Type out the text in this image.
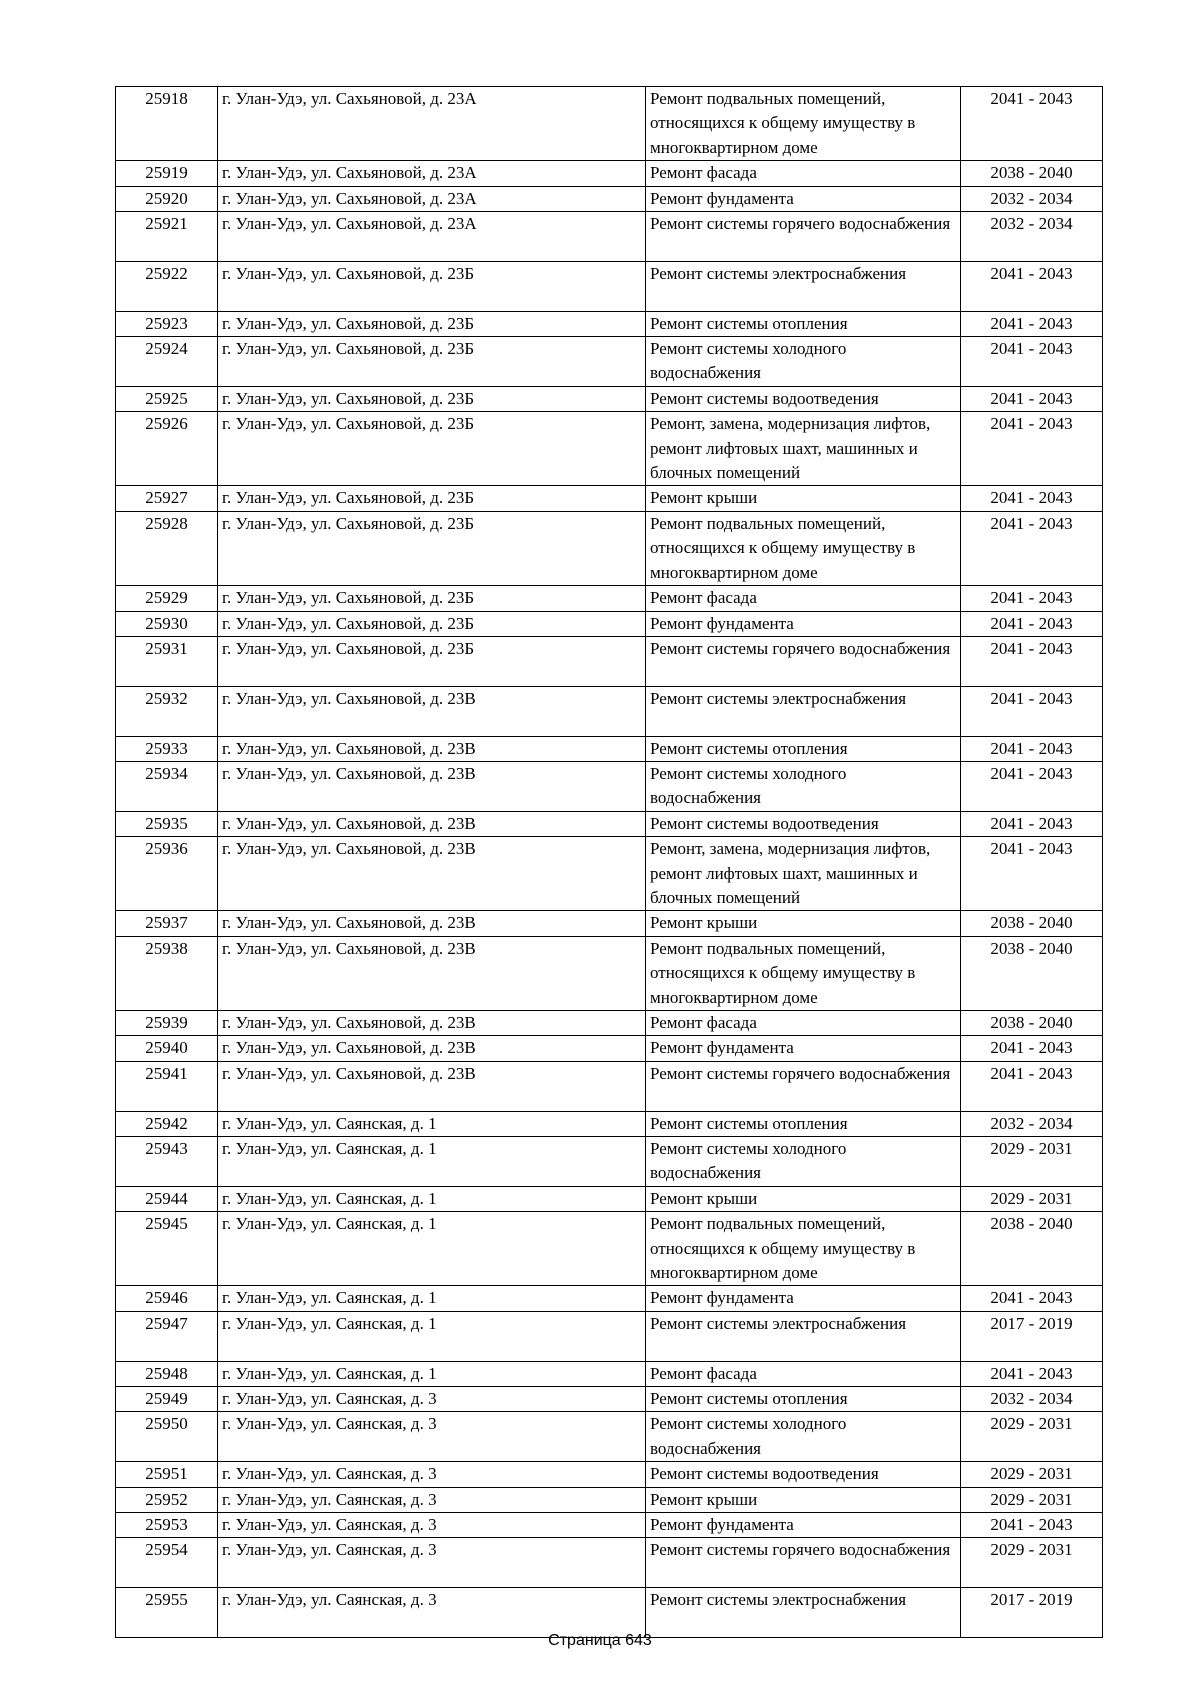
25918	г. Улан-Удэ, ул. Сахьяновой, д. 23А	Ремонт подвальных помещений, относящихся к общему имуществу в многоквартирном доме	2041 - 2043
25919	г. Улан-Удэ, ул. Сахьяновой, д. 23А	Ремонт фасада	2038 - 2040
25920	г. Улан-Удэ, ул. Сахьяновой, д. 23А	Ремонт фундамента	2032 - 2034
25921	г. Улан-Удэ, ул. Сахьяновой, д. 23А	Ремонт системы горячего водоснабжения	2032 - 2034
25922	г. Улан-Удэ, ул. Сахьяновой, д. 23Б	Ремонт системы электроснабжения	2041 - 2043
25923	г. Улан-Удэ, ул. Сахьяновой, д. 23Б	Ремонт системы отопления	2041 - 2043
25924	г. Улан-Удэ, ул. Сахьяновой, д. 23Б	Ремонт системы холодного водоснабжения	2041 - 2043
25925	г. Улан-Удэ, ул. Сахьяновой, д. 23Б	Ремонт системы водоотведения	2041 - 2043
25926	г. Улан-Удэ, ул. Сахьяновой, д. 23Б	Ремонт, замена, модернизация лифтов, ремонт лифтовых шахт, машинных и блочных помещений	2041 - 2043
25927	г. Улан-Удэ, ул. Сахьяновой, д. 23Б	Ремонт крыши	2041 - 2043
25928	г. Улан-Удэ, ул. Сахьяновой, д. 23Б	Ремонт подвальных помещений, относящихся к общему имуществу в многоквартирном доме	2041 - 2043
25929	г. Улан-Удэ, ул. Сахьяновой, д. 23Б	Ремонт фасада	2041 - 2043
25930	г. Улан-Удэ, ул. Сахьяновой, д. 23Б	Ремонт фундамента	2041 - 2043
25931	г. Улан-Удэ, ул. Сахьяновой, д. 23Б	Ремонт системы горячего водоснабжения	2041 - 2043
25932	г. Улан-Удэ, ул. Сахьяновой, д. 23В	Ремонт системы электроснабжения	2041 - 2043
25933	г. Улан-Удэ, ул. Сахьяновой, д. 23В	Ремонт системы отопления	2041 - 2043
25934	г. Улан-Удэ, ул. Сахьяновой, д. 23В	Ремонт системы холодного водоснабжения	2041 - 2043
25935	г. Улан-Удэ, ул. Сахьяновой, д. 23В	Ремонт системы водоотведения	2041 - 2043
25936	г. Улан-Удэ, ул. Сахьяновой, д. 23В	Ремонт, замена, модернизация лифтов, ремонт лифтовых шахт, машинных и блочных помещений	2041 - 2043
25937	г. Улан-Удэ, ул. Сахьяновой, д. 23В	Ремонт крыши	2038 - 2040
25938	г. Улан-Удэ, ул. Сахьяновой, д. 23В	Ремонт подвальных помещений, относящихся к общему имуществу в многоквартирном доме	2038 - 2040
25939	г. Улан-Удэ, ул. Сахьяновой, д. 23В	Ремонт фасада	2038 - 2040
25940	г. Улан-Удэ, ул. Сахьяновой, д. 23В	Ремонт фундамента	2041 - 2043
25941	г. Улан-Удэ, ул. Сахьяновой, д. 23В	Ремонт системы горячего водоснабжения	2041 - 2043
25942	г. Улан-Удэ, ул. Саянская, д. 1	Ремонт системы отопления	2032 - 2034
25943	г. Улан-Удэ, ул. Саянская, д. 1	Ремонт системы холодного водоснабжения	2029 - 2031
25944	г. Улан-Удэ, ул. Саянская, д. 1	Ремонт крыши	2029 - 2031
25945	г. Улан-Удэ, ул. Саянская, д. 1	Ремонт подвальных помещений, относящихся к общему имуществу в многоквартирном доме	2038 - 2040
25946	г. Улан-Удэ, ул. Саянская, д. 1	Ремонт фундамента	2041 - 2043
25947	г. Улан-Удэ, ул. Саянская, д. 1	Ремонт системы электроснабжения	2017 - 2019
25948	г. Улан-Удэ, ул. Саянская, д. 1	Ремонт фасада	2041 - 2043
25949	г. Улан-Удэ, ул. Саянская, д. 3	Ремонт системы отопления	2032 - 2034
25950	г. Улан-Удэ, ул. Саянская, д. 3	Ремонт системы холодного водоснабжения	2029 - 2031
25951	г. Улан-Удэ, ул. Саянская, д. 3	Ремонт системы водоотведения	2029 - 2031
25952	г. Улан-Удэ, ул. Саянская, д. 3	Ремонт крыши	2029 - 2031
25953	г. Улан-Удэ, ул. Саянская, д. 3	Ремонт фундамента	2041 - 2043
25954	г. Улан-Удэ, ул. Саянская, д. 3	Ремонт системы горячего водоснабжения	2029 - 2031
25955	г. Улан-Удэ, ул. Саянская, д. 3	Ремонт системы электроснабжения	2017 - 2019
Страница 643
